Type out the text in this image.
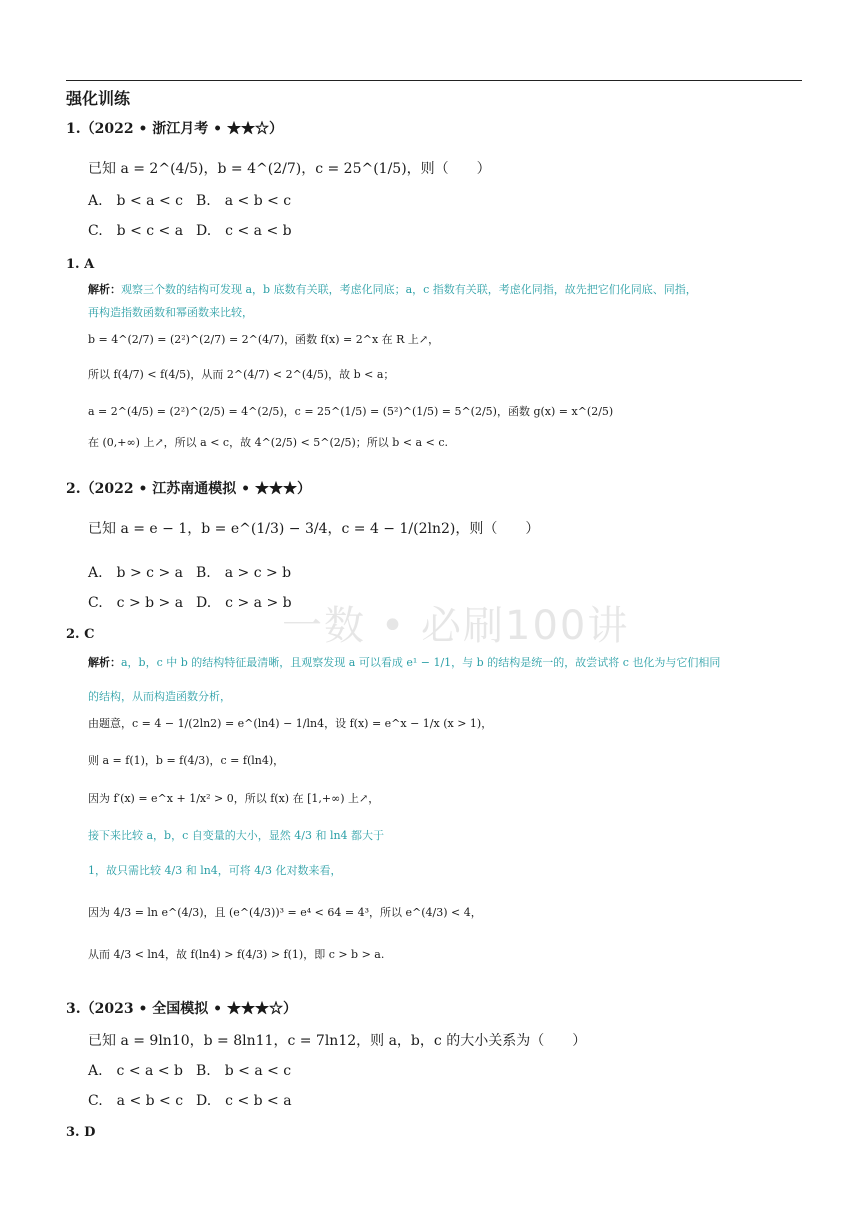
强化训练
1.（2022 • 浙江月考 • ★★☆）
已知 a = 2^(4/5)，b = 4^(2/7)，c = 25^(1/5)，则（　　）
A.　b < a < c B.　a < b < c
C.　b < c < a D.　c < a < b
1. A
解析：观察三个数的结构可发现 a，b 底数有关联，考虑化同底；a，c 指数有关联，考虑化同指，故先把它们化同底、同指，
再构造指数函数和幂函数来比较，
b = 4^(2/7) = (2²)^(2/7) = 2^(4/7)，函数 f(x) = 2^x 在 R 上↗，
所以 f(4/7) < f(4/5)，从而 2^(4/7) < 2^(4/5)，故 b < a；
a = 2^(4/5) = (2²)^(2/5) = 4^(2/5)，c = 25^(1/5) = (5²)^(1/5) = 5^(2/5)，函数 g(x) = x^(2/5)
在 (0,+∞) 上↗，所以 a < c，故 4^(2/5) < 5^(2/5)；所以 b < a < c.
2.（2022 • 江苏南通模拟 • ★★★）
已知 a = e − 1，b = e^(1/3) − 3/4，c = 4 − 1/(2ln2)，则（　　）
A.　b > c > a B.　a > c > b
C.　c > b > a D.　c > a > b
一数 • 必刷100讲
2. C
解析：a，b，c 中 b 的结构特征最清晰，且观察发现 a 可以看成 e¹ − 1/1，与 b 的结构是统一的，故尝试将 c 也化为与它们相同
的结构，从而构造函数分析，
由题意，c = 4 − 1/(2ln2) = e^(ln4) − 1/ln4，设 f(x) = e^x − 1/x (x > 1)，
则 a = f(1)，b = f(4/3)，c = f(ln4)，
因为 f′(x) = e^x + 1/x² > 0，所以 f(x) 在 [1,+∞) 上↗，
接下来比较 a，b，c 自变量的大小，显然 4/3 和 ln4 都大于
1，故只需比较 4/3 和 ln4，可将 4/3 化对数来看，
因为 4/3 = ln e^(4/3)，且 (e^(4/3))³ = e⁴ < 64 = 4³，所以 e^(4/3) < 4，
从而 4/3 < ln4，故 f(ln4) > f(4/3) > f(1)，即 c > b > a.
3.（2023 • 全国模拟 • ★★★☆）
已知 a = 9ln10，b = 8ln11，c = 7ln12，则 a，b，c 的大小关系为（　　）
A.　c < a < b B.　b < a < c
C.　a < b < c D.　c < b < a
3. D
